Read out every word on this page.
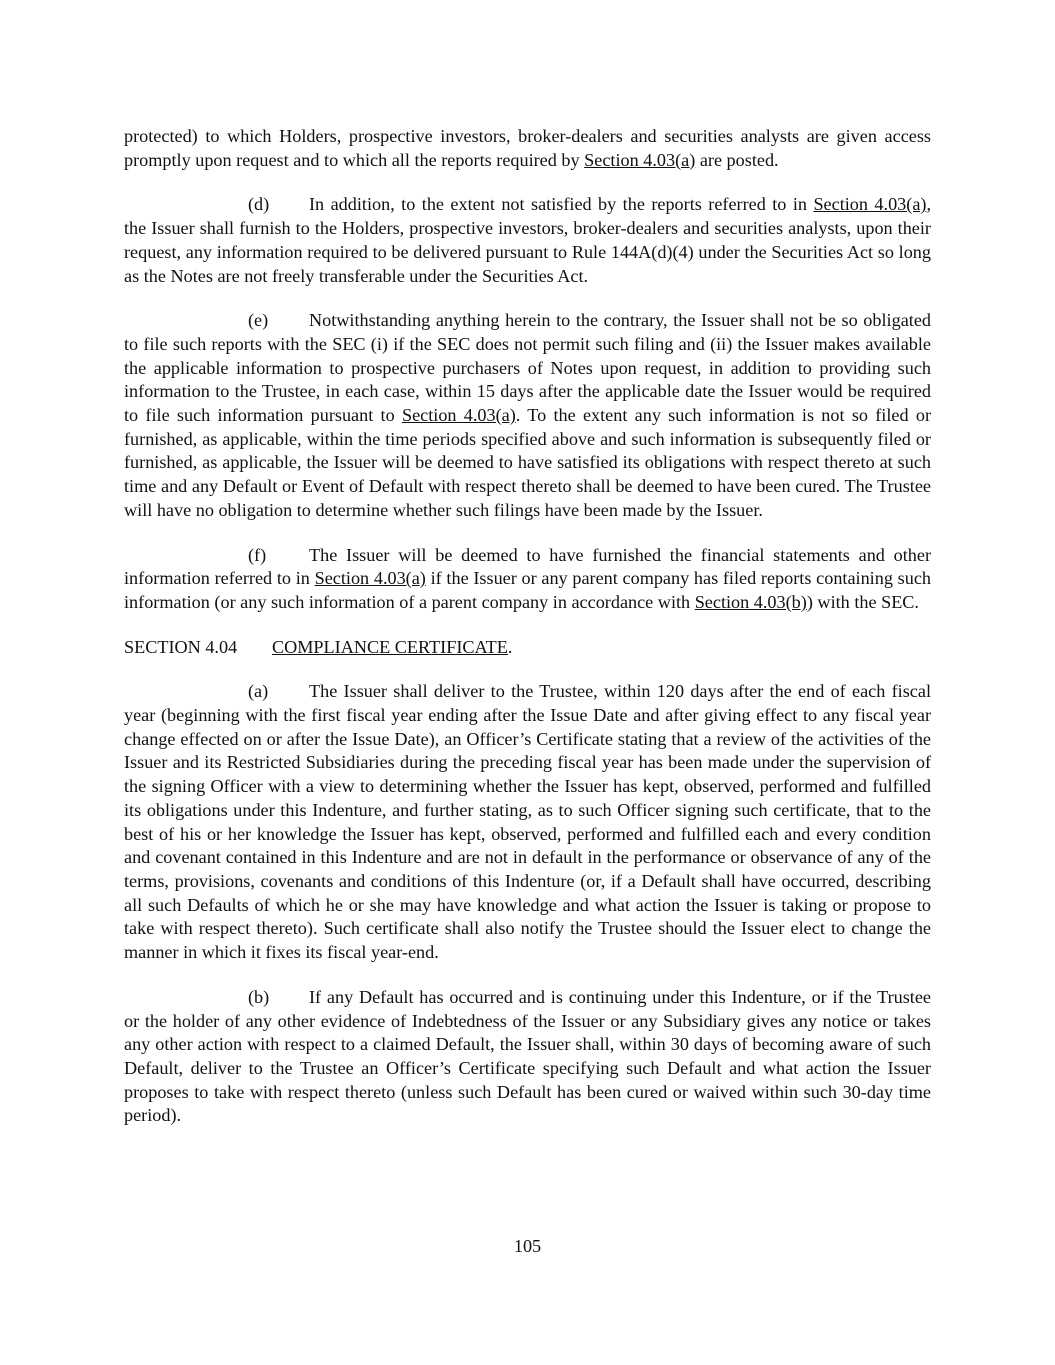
protected) to which Holders, prospective investors, broker-dealers and securities analysts are given access promptly upon request and to which all the reports required by Section 4.03(a) are posted.

(d) In addition, to the extent not satisfied by the reports referred to in Section 4.03(a), the Issuer shall furnish to the Holders, prospective investors, broker-dealers and securities analysts, upon their request, any information required to be delivered pursuant to Rule 144A(d)(4) under the Securities Act so long as the Notes are not freely transferable under the Securities Act.

(e) Notwithstanding anything herein to the contrary, the Issuer shall not be so obligated to file such reports with the SEC (i) if the SEC does not permit such filing and (ii) the Issuer makes available the applicable information to prospective purchasers of Notes upon request, in addition to providing such information to the Trustee, in each case, within 15 days after the applicable date the Issuer would be required to file such information pursuant to Section 4.03(a). To the extent any such information is not so filed or furnished, as applicable, within the time periods specified above and such information is subsequently filed or furnished, as applicable, the Issuer will be deemed to have satisfied its obligations with respect thereto at such time and any Default or Event of Default with respect thereto shall be deemed to have been cured. The Trustee will have no obligation to determine whether such filings have been made by the Issuer.

(f) The Issuer will be deemed to have furnished the financial statements and other information referred to in Section 4.03(a) if the Issuer or any parent company has filed reports containing such information (or any such information of a parent company in accordance with Section 4.03(b)) with the SEC.

SECTION 4.04 COMPLIANCE CERTIFICATE.

(a) The Issuer shall deliver to the Trustee, within 120 days after the end of each fiscal year (beginning with the first fiscal year ending after the Issue Date and after giving effect to any fiscal year change effected on or after the Issue Date), an Officer’s Certificate stating that a review of the activities of the Issuer and its Restricted Subsidiaries during the preceding fiscal year has been made under the supervision of the signing Officer with a view to determining whether the Issuer has kept, observed, performed and fulfilled its obligations under this Indenture, and further stating, as to such Officer signing such certificate, that to the best of his or her knowledge the Issuer has kept, observed, performed and fulfilled each and every condition and covenant contained in this Indenture and are not in default in the performance or observance of any of the terms, provisions, covenants and conditions of this Indenture (or, if a Default shall have occurred, describing all such Defaults of which he or she may have knowledge and what action the Issuer is taking or propose to take with respect thereto). Such certificate shall also notify the Trustee should the Issuer elect to change the manner in which it fixes its fiscal year-end.

(b) If any Default has occurred and is continuing under this Indenture, or if the Trustee or the holder of any other evidence of Indebtedness of the Issuer or any Subsidiary gives any notice or takes any other action with respect to a claimed Default, the Issuer shall, within 30 days of becoming aware of such Default, deliver to the Trustee an Officer’s Certificate specifying such Default and what action the Issuer proposes to take with respect thereto (unless such Default has been cured or waived within such 30-day time period).

105
